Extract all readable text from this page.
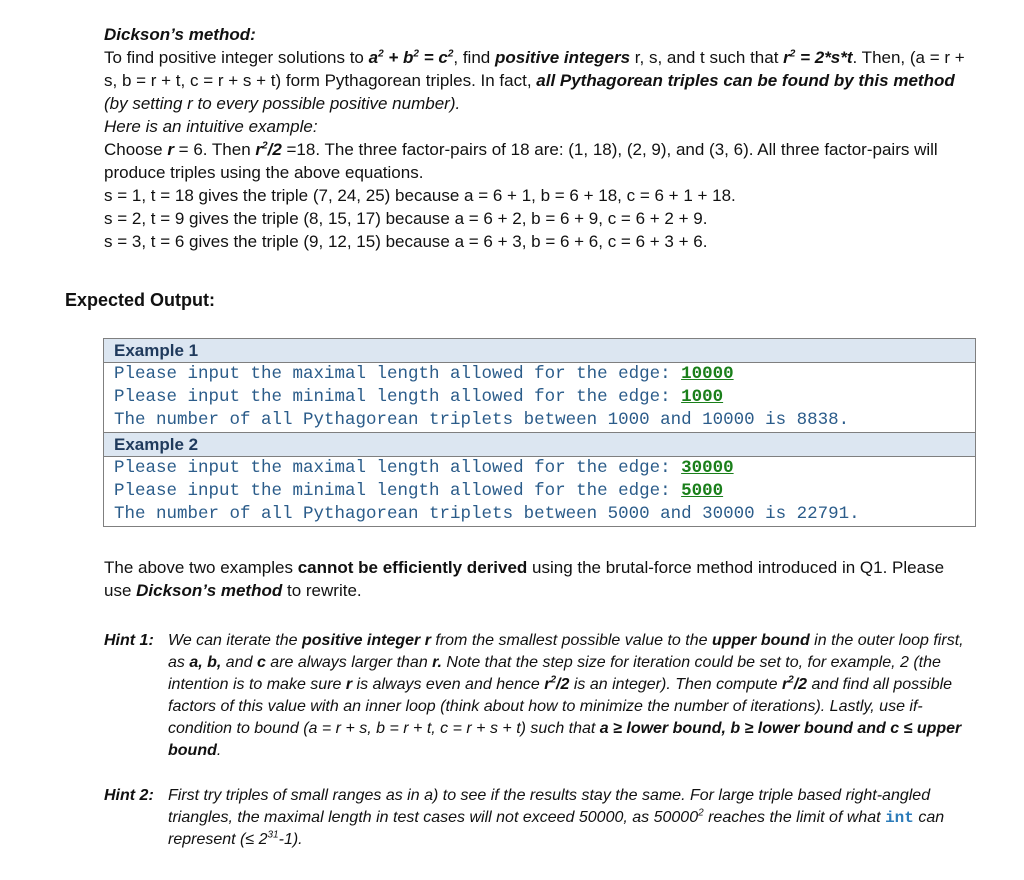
Dickson’s method:
To find positive integer solutions to $a^2 + b^2 = c^2$, find positive integers r, s, and t such that $r^2 = 2*s*t$. Then, (a = r + s, b = r + t, c = r + s + t) form Pythagorean triples. In fact, all Pythagorean triples can be found by this method (by setting r to every possible positive number).
Here is an intuitive example:
Choose r = 6. Then $r^2/2 =18$. The three factor-pairs of 18 are: (1, 18), (2, 9), and (3, 6). All three factor-pairs will produce triples using the above equations.
s = 1, t = 18 gives the triple (7, 24, 25) because a = 6 + 1, b = 6 + 18, c = 6 + 1 + 18.
s = 2, t = 9 gives the triple (8, 15, 17) because a = 6 + 2, b = 6 + 9, c = 6 + 2 + 9.
s = 3, t = 6 gives the triple (9, 12, 15) because a = 6 + 3, b = 6 + 6, c = 6 + 3 + 6.
Expected Output:
Example 1

Please input the maximal length allowed for the edge: 10000
Please input the minimal length allowed for the edge: 1000
The number of all Pythagorean triplets between 1000 and 10000 is 8838.

Example 2

Please input the maximal length allowed for the edge: 30000
Please input the minimal length allowed for the edge: 5000
The number of all Pythagorean triplets between 5000 and 30000 is 22791.
The above two examples cannot be efficiently derived using the brutal-force method introduced in Q1. Please use Dickson’s method to rewrite.
Hint 1: We can iterate the positive integer r from the smallest possible value to the upper bound in the outer loop first, as a, b, and c are always larger than r. Note that the step size for iteration could be set to, for example, 2 (the intention is to make sure r is always even and hence $r^2/2$ is an integer). Then compute $r^2/2$ and find all possible factors of this value with an inner loop (think about how to minimize the number of iterations). Lastly, use if-condition to bound (a = r + s, b = r + t, c = r + s + t) such that a ≥ lower bound, b ≥ lower bound and c ≤ upper bound.
Hint 2: First try triples of small ranges as in a) to see if the results stay the same. For large triple based right-angled triangles, the maximal length in test cases will not exceed 50000, as 50000$^2$ reaches the limit of what int can represent (≤ $2^{31}-1$).
